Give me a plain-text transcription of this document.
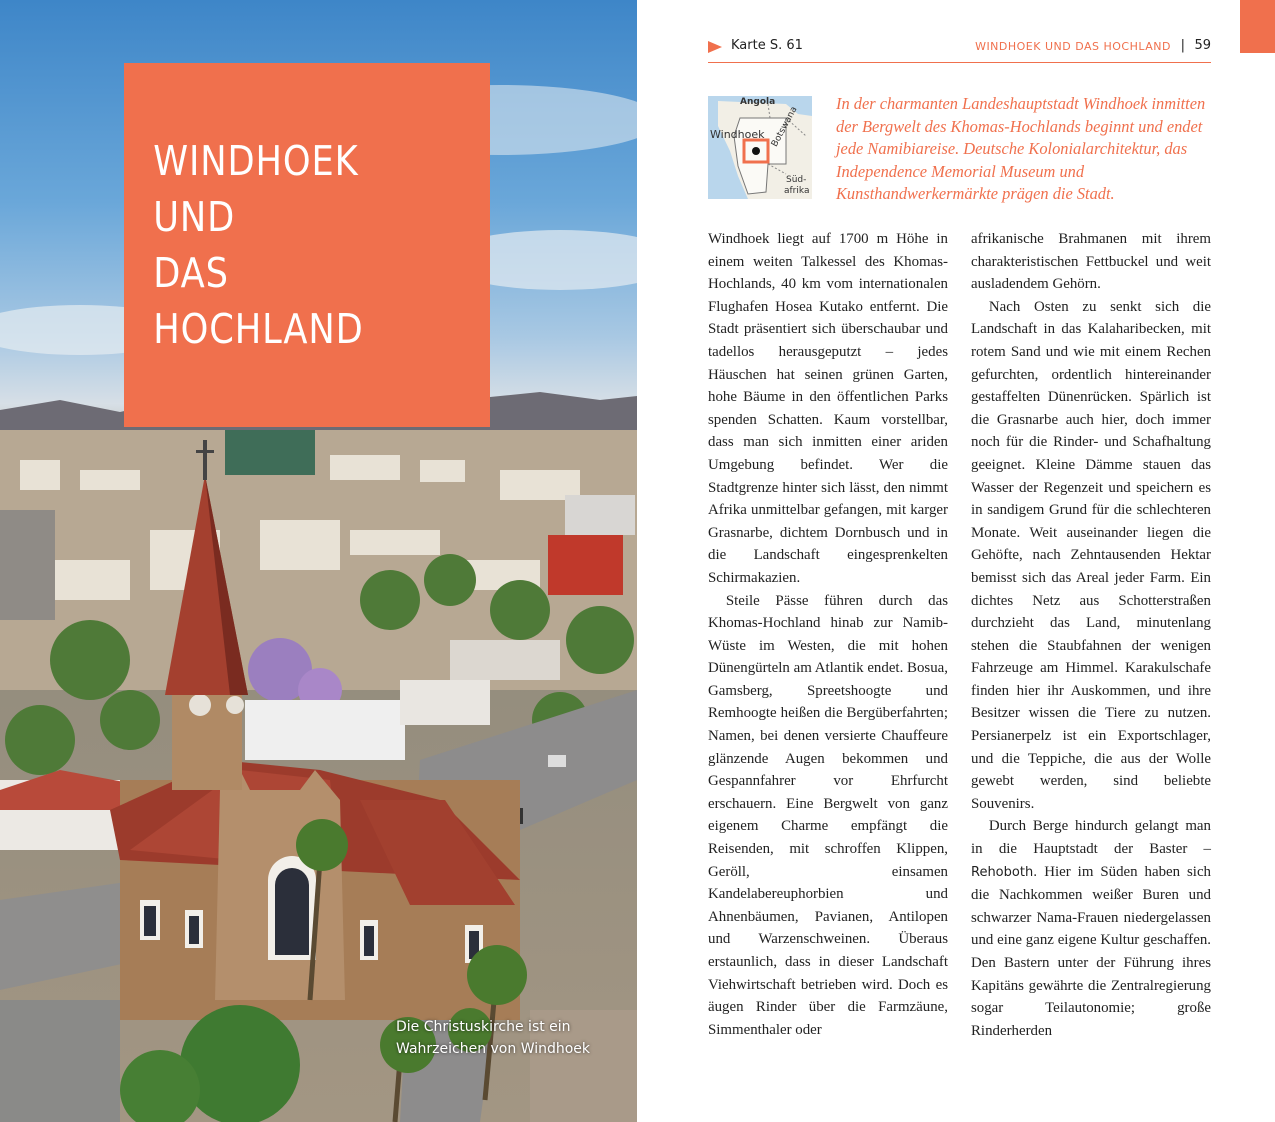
WINDHOEK UND
DAS HOCHLAND
Die Christuskirche ist ein
Wahrzeichen von Windhoek
Karte S. 61	WINDHOEK UND DAS HOCHLAND | 59
Angola
Windhoek Botswana
Süd-
afrika
In der charmanten Landeshauptstadt Windhoek inmitten der Bergwelt des Khomas-Hochlands beginnt und endet jede Namibiareise. Deutsche Kolonialarchitektur, das Independence Memorial Museum und Kunsthandwerkermärkte prägen die Stadt.

Windhoek liegt auf 1700 m Höhe in einem weiten Talkessel des Khomas-Hochlands, 40 km vom internationalen Flughafen Hosea Kutako entfernt. Die Stadt präsentiert sich überschaubar und tadellos herausgeputzt – jedes Häuschen hat seinen grünen Garten, hohe Bäume in den öffentlichen Parks spenden Schatten. Kaum vorstellbar, dass man sich inmitten einer ariden Umgebung befindet. Wer die Stadtgrenze hinter sich lässt, den nimmt Afrika unmittelbar gefangen, mit karger Grasnarbe, dichtem Dornbusch und in die Landschaft eingesprenkelten Schirmakazien.

Steile Pässe führen durch das Khomas-Hochland hinab zur Namib-Wüste im Westen, die mit hohen Dünengürteln am Atlantik endet. Bosua, Gamsberg, Spreetshoogte und Remhoogte heißen die Bergüberfahrten; Namen, bei denen versierte Chauffeure glänzende Augen bekommen und Gespannfahrer vor Ehrfurcht erschauern. Eine Bergwelt von ganz eigenem Charme empfängt die Reisenden, mit schroffen Klippen, Geröll, einsamen Kandelabereuphorbien und Ahnenbäumen, Pavianen, Antilopen und Warzenschweinen. Überaus erstaunlich, dass in dieser Landschaft Viehwirtschaft betrieben wird. Doch es äugen Rinder über die Farmzäune, Simmenthaler oder

afrikanische Brahmanen mit ihrem charakteristischen Fettbuckel und weit ausladendem Gehörn.

Nach Osten zu senkt sich die Landschaft in das Kalaharibecken, mit rotem Sand und wie mit einem Rechen gefurchten, ordentlich hintereinander gestaffelten Dünenrücken. Spärlich ist die Grasnarbe auch hier, doch immer noch für die Rinder- und Schafhaltung geeignet. Kleine Dämme stauen das Wasser der Regenzeit und speichern es in sandigem Grund für die schlechteren Monate. Weit auseinander liegen die Gehöfte, nach Zehntausenden Hektar bemisst sich das Areal jeder Farm. Ein dichtes Netz aus Schotterstraßen durchzieht das Land, minutenlang stehen die Staubfahnen der wenigen Fahrzeuge am Himmel. Karakulschafe finden hier ihr Auskommen, und ihre Besitzer wissen die Tiere zu nutzen. Persianerpelz ist ein Exportschlager, und die Teppiche, die aus der Wolle gewebt werden, sind beliebte Souvenirs.

Durch Berge hindurch gelangt man in die Hauptstadt der Baster – Rehoboth. Hier im Süden haben sich die Nachkommen weißer Buren und schwarzer Nama-Frauen niedergelassen und eine ganz eigene Kultur geschaffen. Den Bastern unter der Führung ihres Kapitäns gewährte die Zentralregierung sogar Teilautonomie; große Rinderherden
